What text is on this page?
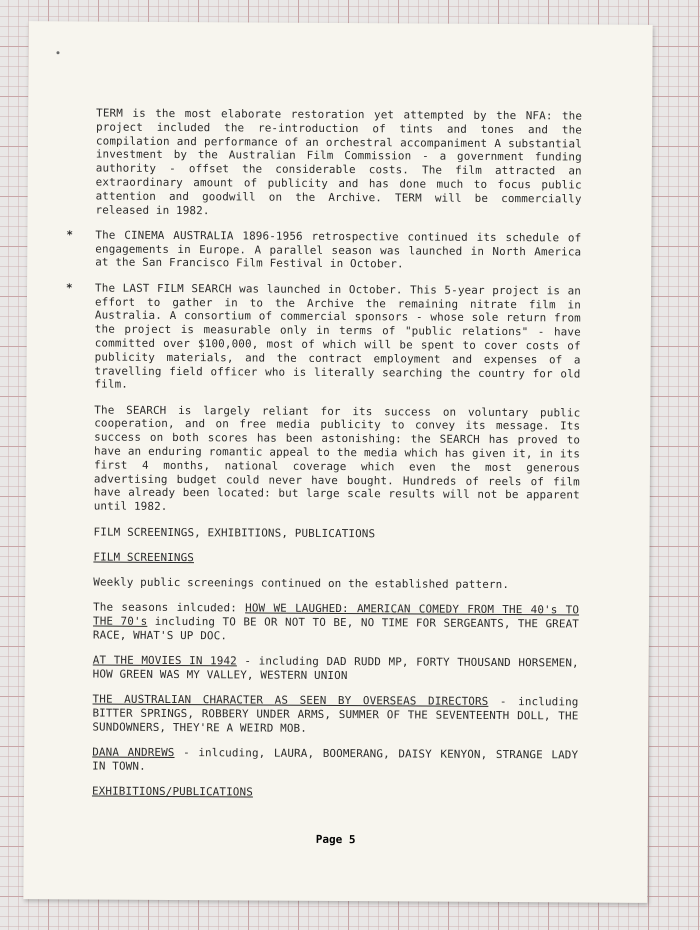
TERM is the most elaborate restoration yet attempted by the NFA: the project included the re-introduction of tints and tones and the compilation and performance of an orchestral accompaniment A substantial investment by the Australian Film Commission - a government funding authority - offset the considerable costs. The film attracted an extraordinary amount of publicity and has done much to focus public attention and goodwill on the Archive. TERM will be commercially released in 1982.

* The CINEMA AUSTRALIA 1896-1956 retrospective continued its schedule of engagements in Europe. A parallel season was launched in North America at the San Francisco Film Festival in October.

* The LAST FILM SEARCH was launched in October. This 5-year project is an effort to gather in to the Archive the remaining nitrate film in Australia. A consortium of commercial sponsors - whose sole return from the project is measurable only in terms of "public relations" - have committed over $100,000, most of which will be spent to cover costs of publicity materials, and the contract employment and expenses of a travelling field officer who is literally searching the country for old film.

The SEARCH is largely reliant for its success on voluntary public cooperation, and on free media publicity to convey its message. Its success on both scores has been astonishing: the SEARCH has proved to have an enduring romantic appeal to the media which has given it, in its first 4 months, national coverage which even the most generous advertising budget could never have bought. Hundreds of reels of film have already been located: but large scale results will not be apparent until 1982.

FILM SCREENINGS, EXHIBITIONS, PUBLICATIONS

FILM SCREENINGS

Weekly public screenings continued on the established pattern.

The seasons inlcuded: HOW WE LAUGHED: AMERICAN COMEDY FROM THE 40's TO THE 70's including TO BE OR NOT TO BE, NO TIME FOR SERGEANTS, THE GREAT RACE, WHAT'S UP DOC.

AT THE MOVIES IN 1942 - including DAD RUDD MP, FORTY THOUSAND HORSEMEN, HOW GREEN WAS MY VALLEY, WESTERN UNION

THE AUSTRALIAN CHARACTER AS SEEN BY OVERSEAS DIRECTORS - including BITTER SPRINGS, ROBBERY UNDER ARMS, SUMMER OF THE SEVENTEENTH DOLL, THE SUNDOWNERS, THEY'RE A WEIRD MOB.

DANA ANDREWS - inlcuding, LAURA, BOOMERANG, DAISY KENYON, STRANGE LADY IN TOWN.

EXHIBITIONS/PUBLICATIONS

Page 5
